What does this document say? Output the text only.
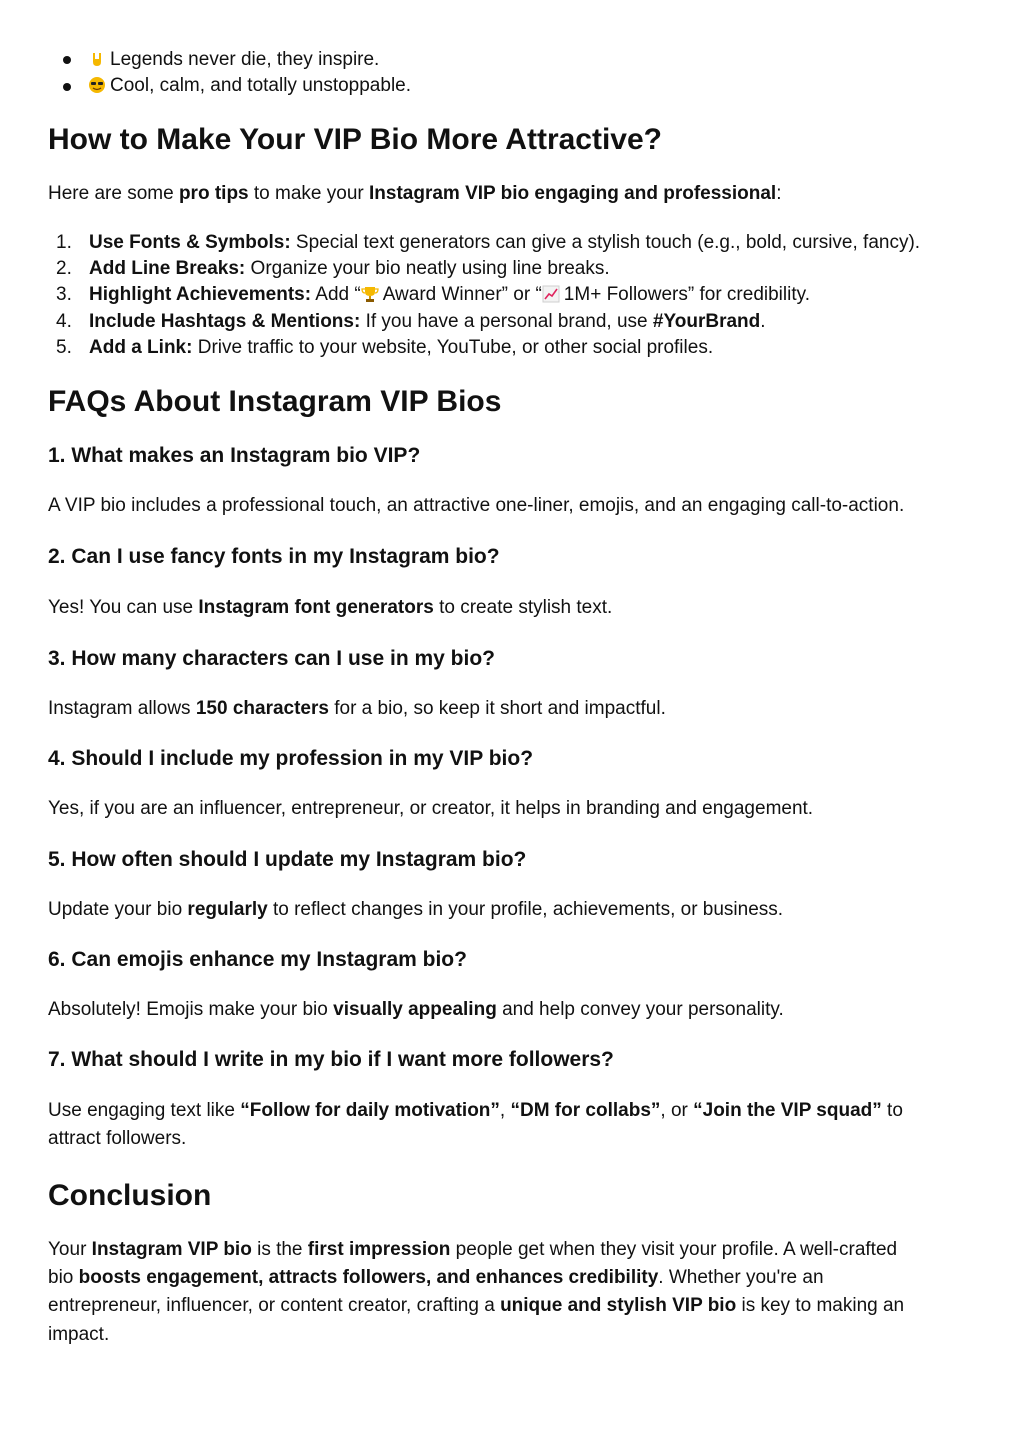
Legends never die, they inspire.
Cool, calm, and totally unstoppable.
How to Make Your VIP Bio More Attractive?
Here are some pro tips to make your Instagram VIP bio engaging and professional:
1. Use Fonts & Symbols: Special text generators can give a stylish touch (e.g., bold, cursive, fancy).
2. Add Line Breaks: Organize your bio neatly using line breaks.
3. Highlight Achievements: Add “ Award Winner” or “ 1M+ Followers” for credibility.
4. Include Hashtags & Mentions: If you have a personal brand, use #YourBrand.
5. Add a Link: Drive traffic to your website, YouTube, or other social profiles.
FAQs About Instagram VIP Bios
1. What makes an Instagram bio VIP?
A VIP bio includes a professional touch, an attractive one-liner, emojis, and an engaging call-to-action.
2. Can I use fancy fonts in my Instagram bio?
Yes! You can use Instagram font generators to create stylish text.
3. How many characters can I use in my bio?
Instagram allows 150 characters for a bio, so keep it short and impactful.
4. Should I include my profession in my VIP bio?
Yes, if you are an influencer, entrepreneur, or creator, it helps in branding and engagement.
5. How often should I update my Instagram bio?
Update your bio regularly to reflect changes in your profile, achievements, or business.
6. Can emojis enhance my Instagram bio?
Absolutely! Emojis make your bio visually appealing and help convey your personality.
7. What should I write in my bio if I want more followers?
Use engaging text like “Follow for daily motivation”, “DM for collabs”, or “Join the VIP squad” to
attract followers.
Conclusion
Your Instagram VIP bio is the first impression people get when they visit your profile. A well-crafted
bio boosts engagement, attracts followers, and enhances credibility. Whether you're an
entrepreneur, influencer, or content creator, crafting a unique and stylish VIP bio is key to making an
impact.
